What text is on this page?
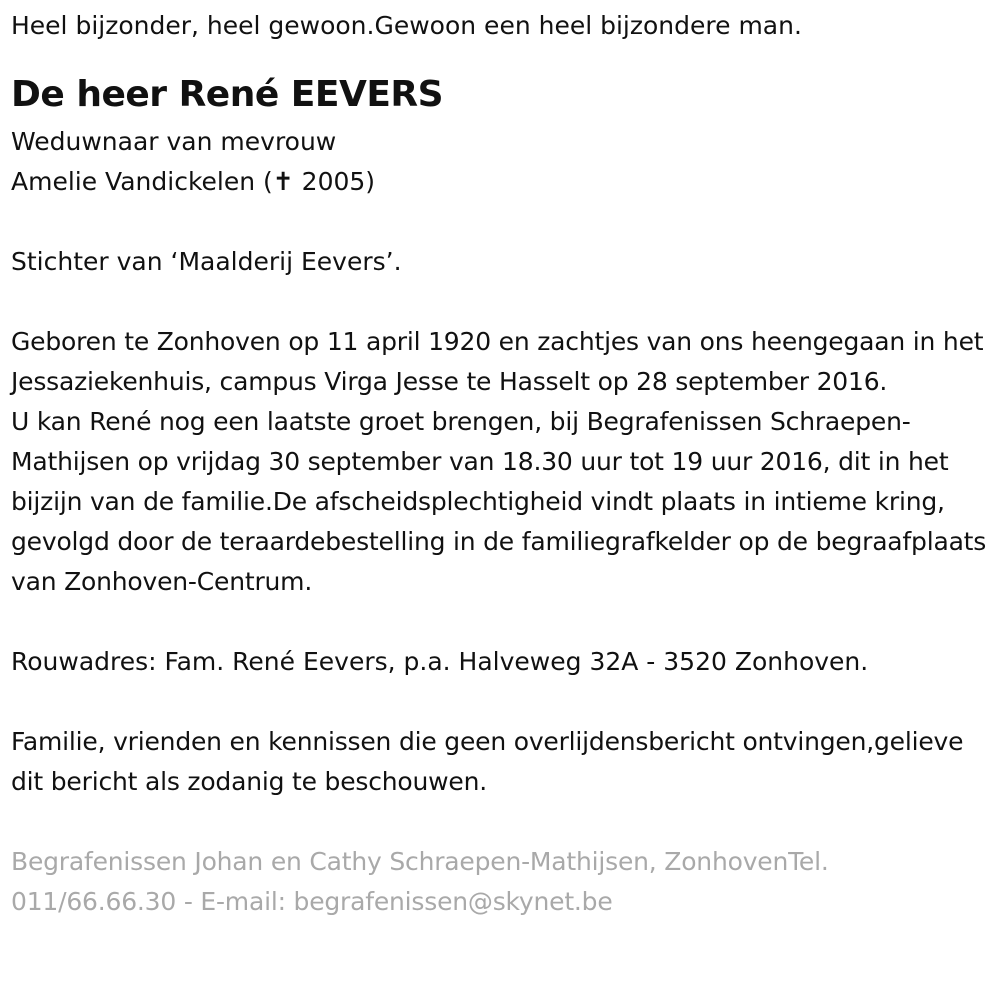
Heel bijzonder, heel gewoon.Gewoon een heel bijzondere man.

De heer René EEVERS

Weduwnaar van mevrouw

Amelie Vandickelen (✝ 2005)

Stichter van ‘Maalderij Eevers’.

Geboren te Zonhoven op 11 april 1920 en zachtjes van ons heengegaan in het Jessaziekenhuis, campus Virga Jesse te Hasselt op 28 september 2016.

U kan René nog een laatste groet brengen, bij Begrafenissen Schraepen-Mathijsen op vrijdag 30 september van 18.30 uur tot 19 uur 2016, dit in het bijzijn van de familie.De afscheidsplechtigheid vindt plaats in intieme kring, gevolgd door de teraardebestelling in de familiegrafkelder op de begraafplaats van Zonhoven-Centrum.

Rouwadres: Fam. René Eevers, p.a. Halveweg 32A - 3520 Zonhoven.

Familie, vrienden en kennissen die geen overlijdensbericht ontvingen,gelieve dit bericht als zodanig te beschouwen.

Begrafenissen Johan en Cathy Schraepen-Mathijsen, ZonhovenTel. 011/66.66.30 - E-mail: begrafenissen@skynet.be
